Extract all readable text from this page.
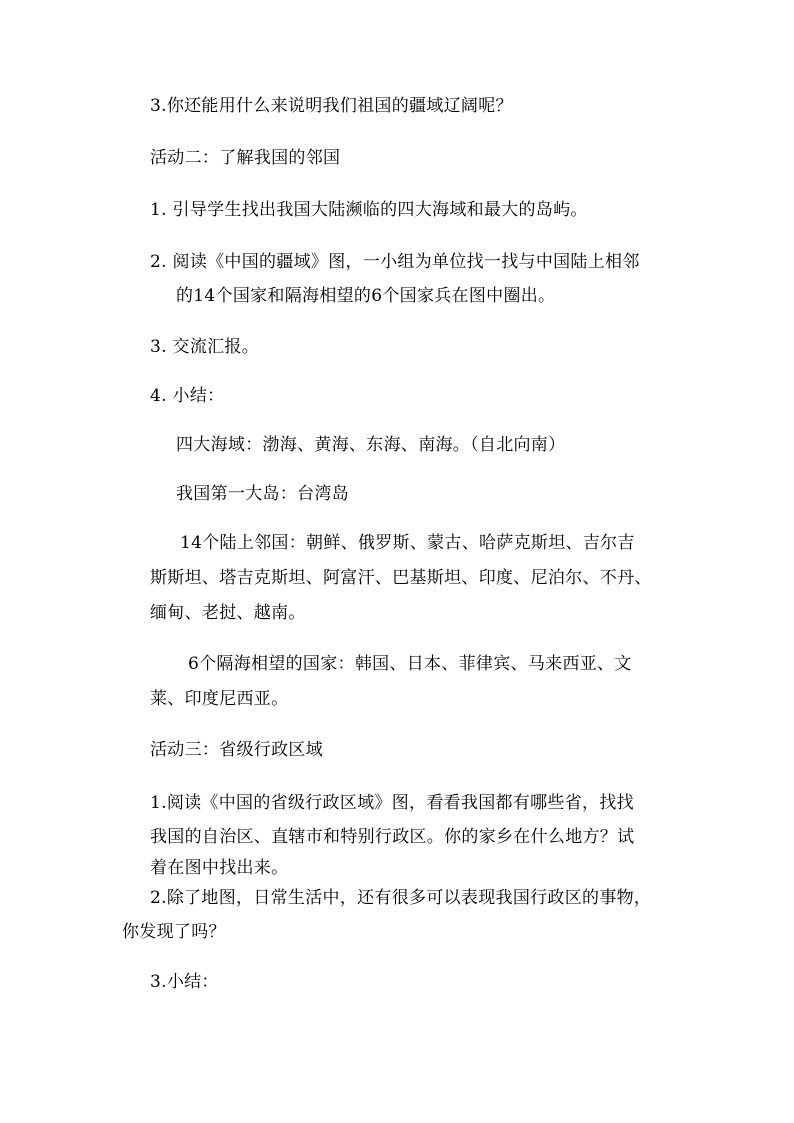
3.你还能用什么来说明我们祖国的疆域辽阔呢？
活动二：了解我国的邻国
1. 引导学生找出我国大陆濒临的四大海域和最大的岛屿。
2. 阅读《中国的疆域》图，一小组为单位找一找与中国陆上相邻
的14个国家和隔海相望的6个国家兵在图中圈出。
3. 交流汇报。
4. 小结：
四大海域：渤海、黄海、东海、南海。（自北向南）
我国第一大岛：台湾岛
14个陆上邻国：朝鲜、俄罗斯、蒙古、哈萨克斯坦、吉尔吉
斯斯坦、塔吉克斯坦、阿富汗、巴基斯坦、印度、尼泊尔、不丹、
缅甸、老挝、越南。
6个隔海相望的国家：韩国、日本、菲律宾、马来西亚、文
莱、印度尼西亚。
活动三：省级行政区域
1.阅读《中国的省级行政区域》图，看看我国都有哪些省，找找
我国的自治区、直辖市和特别行政区。你的家乡在什么地方？试
着在图中找出来。
2.除了地图，日常生活中，还有很多可以表现我国行政区的事物，
你发现了吗？
3.小结：
